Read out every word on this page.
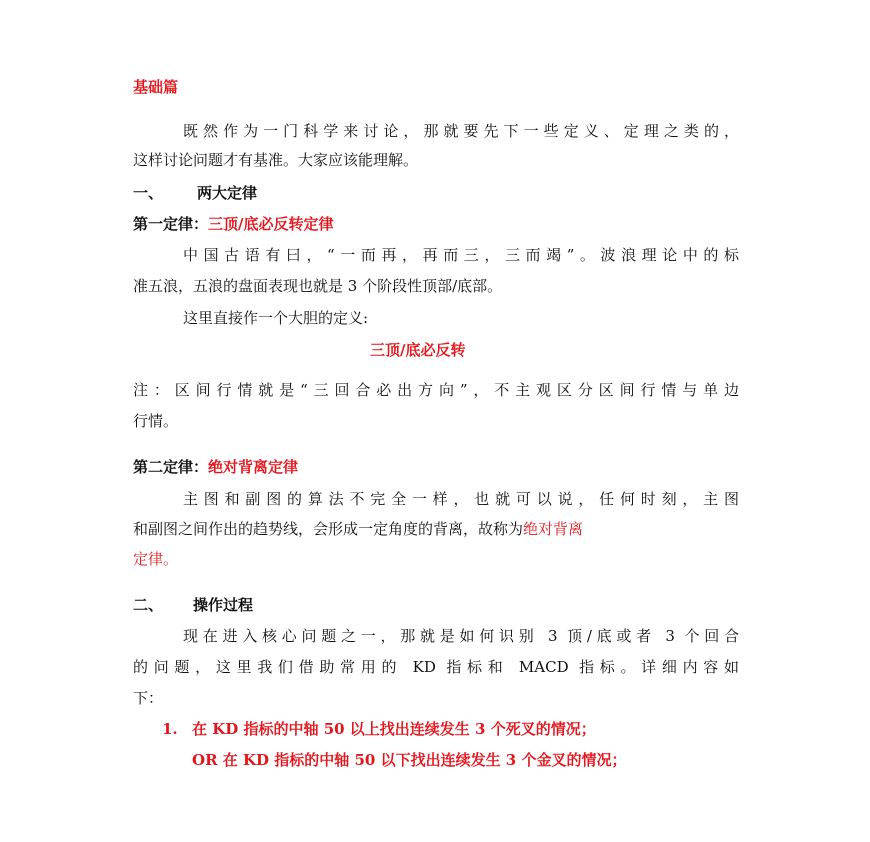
基础篇
既然作为一门科学来讨论，那就要先下一些定义、定理之类的，
这样讨论问题才有基准。大家应该能理解。
一、 两大定律
第一定律：三顶/底必反转定律
中国古语有曰，“一而再，再而三，三而竭”。波浪理论中的标
准五浪，五浪的盘面表现也就是 3 个阶段性顶部/底部。
这里直接作一个大胆的定义:
三顶/底必反转
注：区间行情就是“三回合必出方向”，不主观区分区间行情与单边
行情。
第二定律：绝对背离定律
主图和副图的算法不完全一样，也就可以说，任何时刻，主图
和副图之间作出的趋势线，会形成一定角度的背离，故称为绝对背离
定律。
二、 操作过程
现在进入核心问题之一，那就是如何识别 3 顶/底或者 3 个回合
的问题，这里我们借助常用的 KD 指标和 MACD 指标。详细内容如
下：
1. 在 KD 指标的中轴 50 以上找出连续发生 3 个死叉的情况；
OR 在 KD 指标的中轴 50 以下找出连续发生 3 个金叉的情况；
